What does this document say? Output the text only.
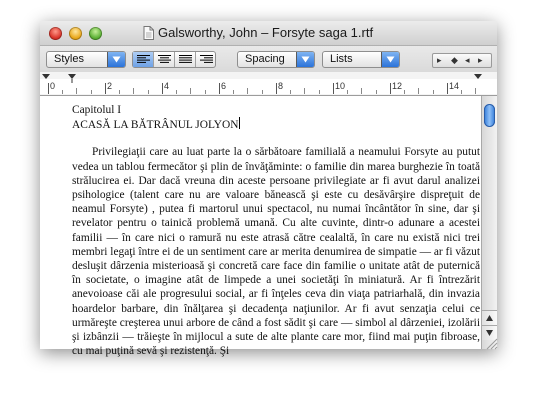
Galsworthy, John – Forsyte saga 1.rtf
Styles	Spacing	Lists	▸ ◆ ◂ ▸
0	2	4	6	8	10	12	14

Capitolul I

ACASĂ LA BĂTRÂNUL JOLYON

Privilegiaţii care au luat parte la o sărbătoare familială a neamului Forsyte au putut vedea un tablou fermecător şi plin de învăţăminte: o familie din marea burghezie în toată strălucirea ei. Dar dacă vreuna din aceste persoane privilegiate ar fi avut darul analizei psihologice (talent care nu are valoare bănească şi este cu desăvârşire dispreţuit de neamul Forsyte) , putea fi martorul unui spectacol, nu numai încântător în sine, dar şi revelator pentru o tainică problemă umană. Cu alte cuvinte, dintr-o adunare a acestei familii — în care nici o ramură nu este atrasă către cealaltă, în care nu există nici trei membri legaţi între ei de un sentiment care ar merita denumirea de simpatie — ar fi văzut desluşit dârzenia misterioasă şi concretă care face din familie o unitate atât de puternică în societate, o imagine atât de limpede a unei societăţi în miniatură. Ar fi întrezărit anevoioase căi ale progresului social, ar fi înţeles ceva din viaţa patriarhală, din invazia hoardelor barbare, din înălţarea şi decadenţa naţiunilor. Ar fi avut senzaţia celui ce urmăreşte creşterea unui arbore de când a fost sădit şi care — simbol al dârzeniei, izolării şi izbânzii — trăieşte în mijlocul a sute de alte plante care mor, fiind mai puţin fibroase, cu mai puţină sevă şi rezistenţă. Şi
